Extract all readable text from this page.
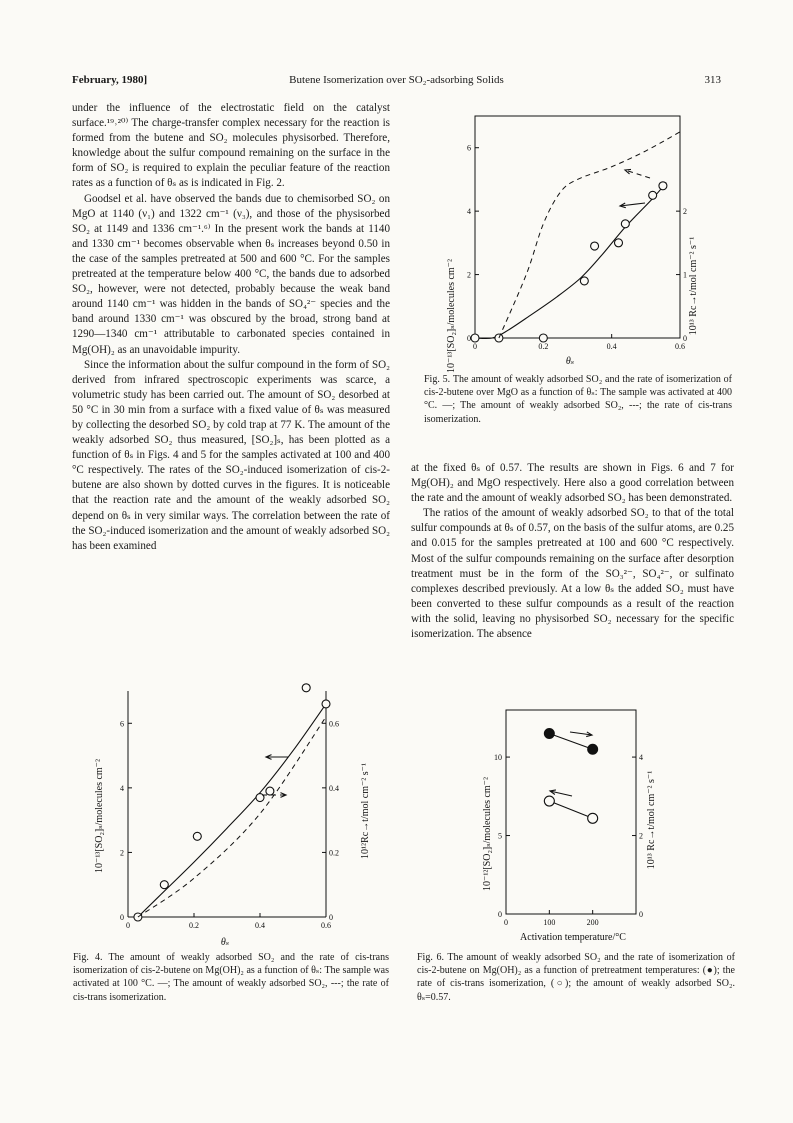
February, 1980]	Butene Isomerization over SO₂-adsorbing Solids	313

under the influence of the electrostatic field on the catalyst surface.¹⁹˒²⁰⁾ The charge-transfer complex necessary for the reaction is formed from the butene and SO₂ molecules physisorbed. Therefore, knowledge about the sulfur compound remaining on the surface in the form of SO₂ is required to explain the peculiar feature of the reaction rates as a function of θₛ as is indicated in Fig. 2.

Goodsel et al. have observed the bands due to chemisorbed SO₂ on MgO at 1140 (ν₁) and 1322 cm⁻¹ (ν₃), and those of the physisorbed SO₂ at 1149 and 1336 cm⁻¹.⁶⁾ In the present work the bands at 1140 and 1330 cm⁻¹ becomes observable when θₛ increases beyond 0.50 in the case of the samples pretreated at 500 and 600 °C. For the samples pretreated at the temperature below 400 °C, the bands due to adsorbed SO₂, however, were not detected, probably because the weak band around 1140 cm⁻¹ was hidden in the bands of SO₄²⁻ species and the band around 1330 cm⁻¹ was obscured by the broad, strong band at 1290—1340 cm⁻¹ attributable to carbonated species contained in Mg(OH)₂ as an unavoidable impurity.

Since the information about the sulfur compound in the form of SO₂ derived from infrared spectroscopic experiments was scarce, a volumetric study has been carried out. The amount of SO₂ desorbed at 50 °C in 30 min from a surface with a fixed value of θₛ was measured by collecting the desorbed SO₂ by cold trap at 77 K. The amount of the weakly adsorbed SO₂ thus measured, [SO₂]ₛ, has been plotted as a function of θₛ in Figs. 4 and 5 for the samples activated at 100 and 400 °C respectively. The rates of the SO₂-induced isomerization of cis-2-butene are also shown by dotted curves in the figures. It is noticeable that the reaction rate and the amount of the weakly adsorbed SO₂ depend on θₛ in very similar ways. The correlation between the rate of the SO₂-induced isomerization and the amount of weakly adsorbed SO₂ has been examined

at the fixed θₛ of 0.57. The results are shown in Figs. 6 and 7 for Mg(OH)₂ and MgO respectively. Here also a good correlation between the rate and the amount of weakly adsorbed SO₂ has been demonstrated.

The ratios of the amount of weakly adsorbed SO₂ to that of the total sulfur compounds at θₛ of 0.57, on the basis of the sulfur atoms, are 0.25 and 0.015 for the samples pretreated at 100 and 600 °C respectively. Most of the sulfur compounds remaining on the surface after desorption treatment must be in the form of the SO₃²⁻, SO₄²⁻, or sulfinato complexes described previously. At a low θₛ the added SO₂ must have been converted to these sulfur compounds as a result of the reaction with the solid, leaving no physisorbed SO₂ necessary for the specific isomerization. The absence

0	0.2	0.4	0.6
0
2
4
6
0
1
2
10⁻¹³[SO₂]ₛ/molecules cm⁻²	10¹³ Rc→t/mol cm⁻² s⁻¹
θₛ
Fig. 5. The amount of weakly adsorbed SO₂ and the rate of isomerization of cis-2-butene over MgO as a function of θₛ: The sample was activated at 400 °C. —; The amount of weakly adsorbed SO₂, ---; the rate of cis-trans isomerization.
0	0.2	0.4	0.6
0
2
4
6
0
0.2
0.4
0.6
10⁻¹³[SO₂]ₛ/molecules cm⁻²	10¹²Rc→t/mol cm⁻² s⁻¹
θₛ
Fig. 4. The amount of weakly adsorbed SO₂ and the rate of cis-trans isomerization of cis-2-butene on Mg(OH)₂ as a function of θₛ: The sample was activated at 100 °C. —; The amount of weakly adsorbed SO₂, ---; the rate of cis-trans isomerization.
0	100	200
0
5
10
0
2
4
10⁻¹²[SO₂]ₛ/molecules cm⁻²	10¹³ Rc→t/mol cm⁻² s⁻¹
Activation temperature/°C
Fig. 6. The amount of weakly adsorbed SO₂ and the rate of isomerization of cis-2-butene on Mg(OH)₂ as a function of pretreatment temperatures: (●); the rate of cis-trans isomerization, (○); the amount of weakly adsorbed SO₂. θₛ=0.57.
